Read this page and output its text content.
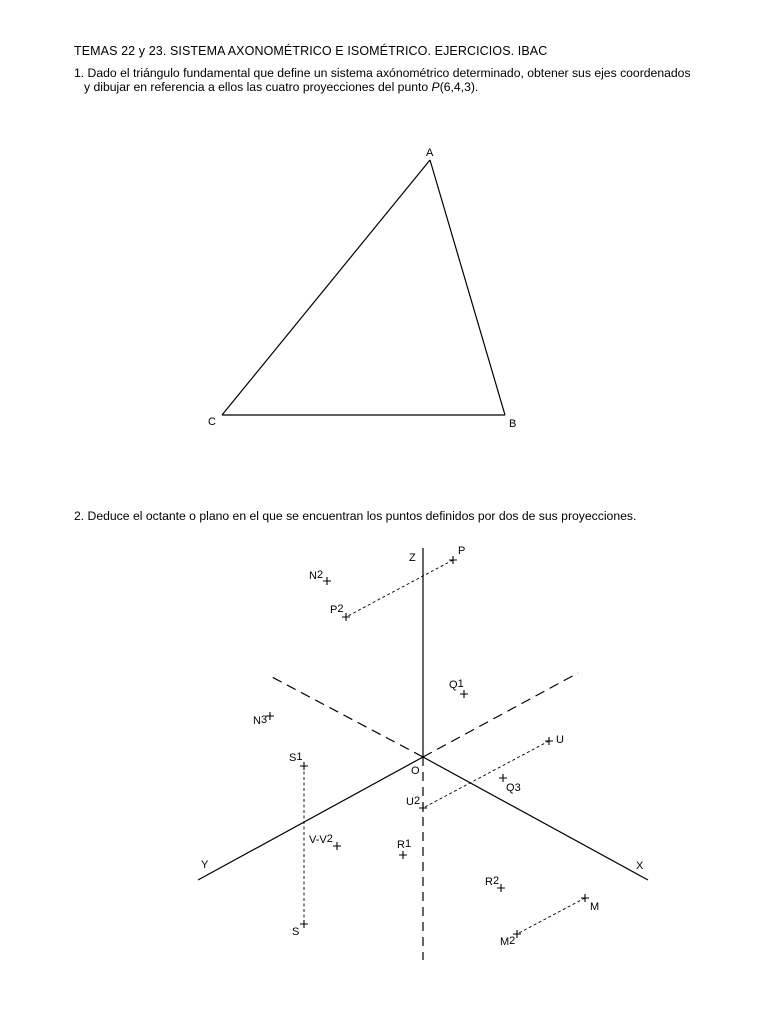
TEMAS 22 y 23. SISTEMA AXONOMÉTRICO E ISOMÉTRICO. EJERCICIOS. IBAC
1. Dado el triángulo fundamental que define un sistema axónométrico determinado, obtener sus ejes coordenados
y dibujar en referencia a ellos las cuatro proyecciones del punto P(6,4,3).
2. Deduce el octante o plano en el que se encuentran los puntos definidos por dos de sus proyecciones.
A
B
C
Z
X
Y
O
P
N2
P2
Q1
N3
S1
U
Q3
U2
V-V2	R1
R2
M
S
M2
